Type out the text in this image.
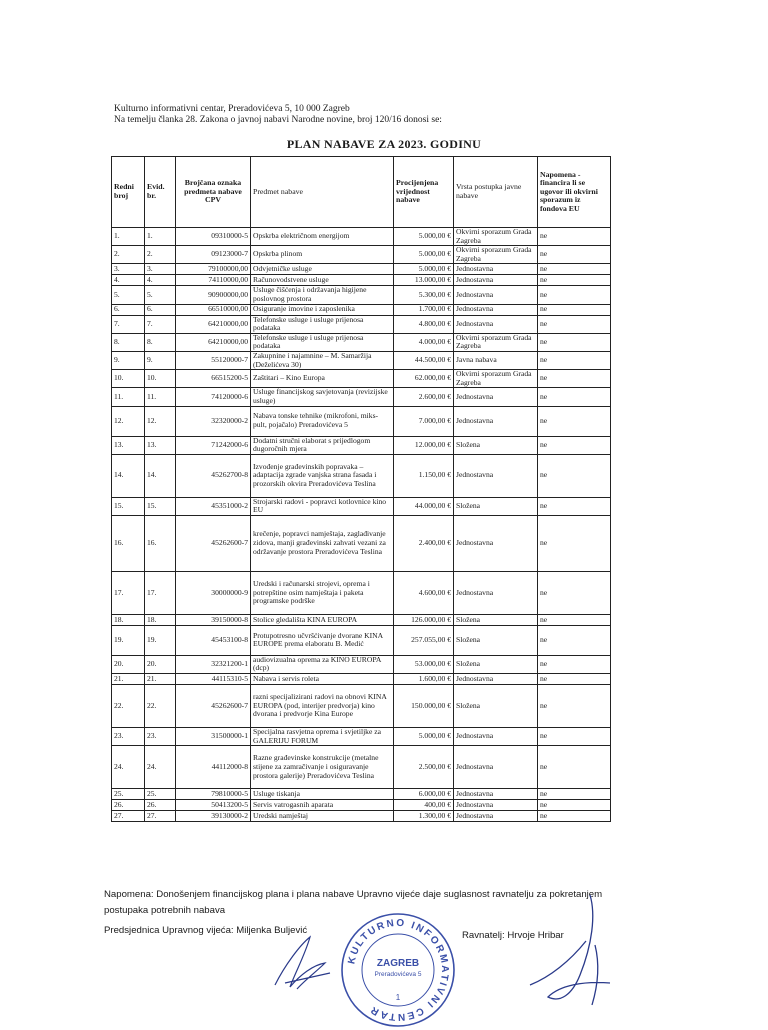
Kulturno informativni centar, Preradovićeva 5, 10 000 Zagreb
Na temelju članka 28. Zakona o javnoj nabavi Narodne novine, broj 120/16 donosi se:
PLAN NABAVE ZA 2023. GODINU
Redni broj	Evid. br.	Brojčana oznaka predmeta nabave CPV	Predmet nabave	Procijenjena vrijednost nabave	Vrsta postupka javne nabave	Napomena - financira li se ugovor ili okvirni sporazum iz fondova EU
1.	1.	09310000-5	Opskrba električnom energijom	5.000,00 €	Okvirni sporazum Grada Zagreba	ne
2.	2.	09123000-7	Opskrba plinom	5.000,00 €	Okvirni sporazum Grada Zagreba	ne
3.	3.	79100000,00	Odvjetničke usluge	5.000,00 €	Jednostavna	ne
4.	4.	74110000,00	Računovodstvene usluge	13.000,00 €	Jednostavna	ne
5.	5.	90900000,00	Usluge čišćenja i održavanja higijene poslovnog prostora	5.300,00 €	Jednostavna	ne
6.	6.	66510000,00	Osiguranje imovine i zaposlenika	1.700,00 €	Jednostavna	ne
7.	7.	64210000,00	Telefonske usluge i usluge prijenosa podataka	4.800,00 €	Jednostavna	ne
8.	8.	64210000,00	Telefonske usluge i usluge prijenosa podataka	4.000,00 €	Okvirni sporazum Grada Zagreba	ne
9.	9.	55120000-7	Zakupnine i najamnine – M. Samaržija (Deželićeva 30)	44.500,00 €	Javna nabava	ne
10.	10.	66515200-5	Zaštitari – Kino Europa	62.000,00 €	Okvirni sporazum Grada Zagreba	ne
11.	11.	74120000-6	Usluge financijskog savjetovanja (revizijske usluge)	2.600,00 €	Jednostavna	ne
12.	12.	32320000-2	Nabava tonske tehnike (mikrofoni, miks-pult, pojačalo) Preradovićeva 5	7.000,00 €	Jednostavna	ne
13.	13.	71242000-6	Dodatni stručni elaborat s prijedlogom dugoročnih mjera	12.000,00 €	Složena	ne
14.	14.	45262700-8	Izvođenje građevinskih popravaka – adaptacija zgrade vanjska strana fasada i prozorskih okvira Preradovićeva Teslina	1.150,00 €	Jednostavna	ne
15.	15.	45351000-2	Strojarski radovi - popravci kotlovnice kino EU	44.000,00 €	Složena	ne
16.	16.	45262600-7	krečenje, popravci namještaja, zaglađivanje zidova, manji građevinski zahvati vezani za održavanje prostora Preradovićeva Teslina	2.400,00 €	Jednostavna	ne
17.	17.	30000000-9	Uredski i računarski strojevi, oprema i potrepštine osim namještaja i paketa programske podrške	4.600,00 €	Jednostavna	ne
18.	18.	39150000-8	Stolice gledališta KINA EUROPA	126.000,00 €	Složena	ne
19.	19.	45453100-8	Protupotresno učvršćivanje dvorane KINA EUROPE prema elaboratu B. Medić	257.055,00 €	Složena	ne
20.	20.	32321200-1	audiovizualna oprema za KINO EUROPA (dcp)	53.000,00 €	Složena	ne
21.	21.	44115310-5	Nabava i servis roleta	1.600,00 €	Jednostavna	ne
22.	22.	45262600-7	razni specijalizirani radovi na obnovi KINA EUROPA (pod, interijer predvorja) kino dvorana i predvorje Kina Europe	150.000,00 €	Složena	ne
23.	23.	31500000-1	Specijalna rasvjetna oprema i svjetiljke za GALERIJU FORUM	5.000,00 €	Jednostavna	ne
24.	24.	44112000-8	Razne građevinske konstrukcije (metalne stijene za zamračivanje i osiguravanje prostora galerije) Preradovićeva Teslina	2.500,00 €	Jednostavna	ne
25.	25.	79810000-5	Usluge tiskanja	6.000,00 €	Jednostavna	ne
26.	26.	50413200-5	Servis vatrogasnih aparata	400,00 €	Jednostavna	ne
27.	27.	39130000-2	Uredski namještaj	1.300,00 €	Jednostavna	ne
Napomena: Donošenjem financijskog plana i plana nabave Upravno vijeće daje suglasnost ravnatelju za pokretanjem postupaka potrebnih nabava
Predsjednica Upravnog vijeća: Miljenka Buljević	Ravnatelj: Hrvoje Hribar
KULTURNO INFORMATIVNI CENTAR
ZAGREB
Preradovićeva 5
1
